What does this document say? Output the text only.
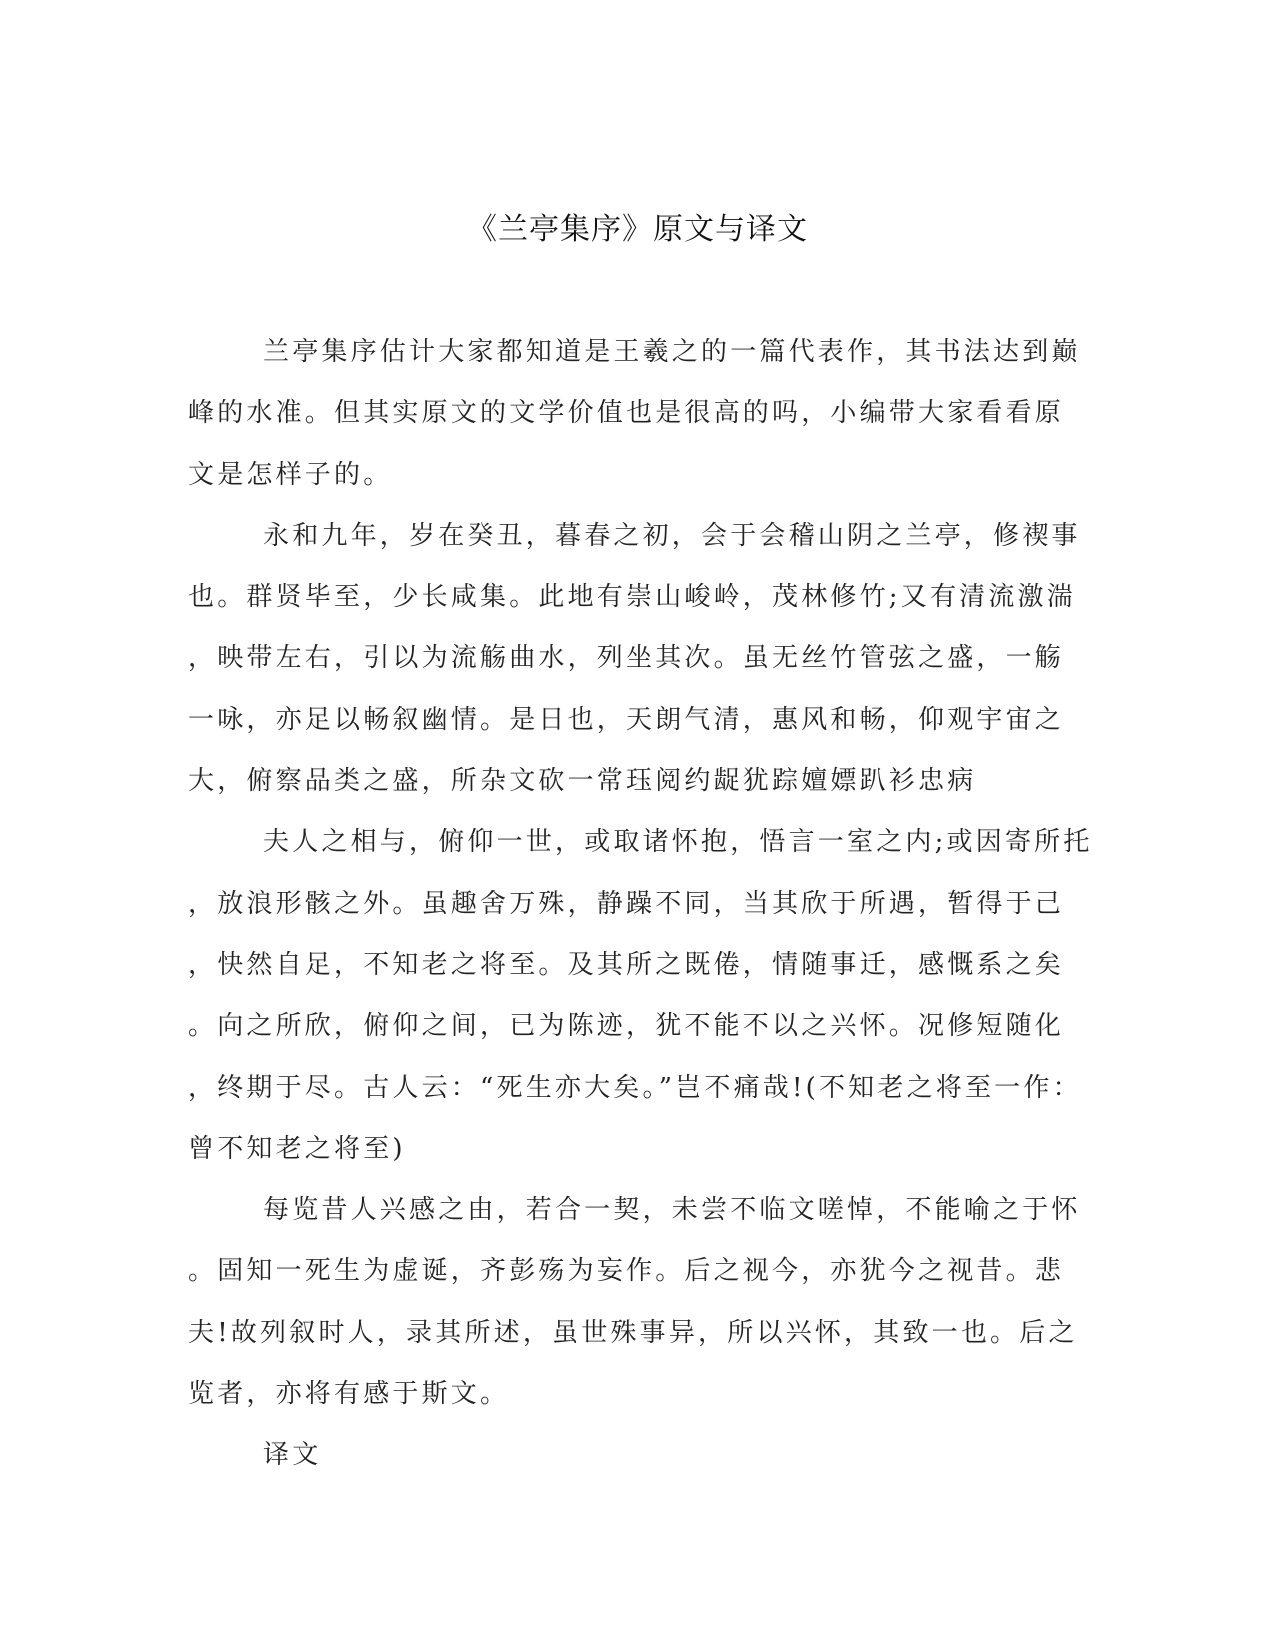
《兰亭集序》原文与译文
兰亭集序估计大家都知道是王羲之的一篇代表作，其书法达到巅
峰的水准。但其实原文的文学价值也是很高的吗，小编带大家看看原
文是怎样子的。
永和九年，岁在癸丑，暮春之初，会于会稽山阴之兰亭，修禊事
也。群贤毕至，少长咸集。此地有崇山峻岭，茂林修竹;又有清流激湍
，映带左右，引以为流觞曲水，列坐其次。虽无丝竹管弦之盛，一觞
一咏，亦足以畅叙幽情。是日也，天朗气清，惠风和畅，仰观宇宙之
大，俯察品类之盛，所杂文砍一常珏阅约龊犹踪嬗嫖趴衫忠病
夫人之相与，俯仰一世，或取诸怀抱，悟言一室之内;或因寄所托
，放浪形骸之外。虽趣舍万殊，静躁不同，当其欣于所遇，暂得于己
，快然自足，不知老之将至。及其所之既倦，情随事迁，感慨系之矣
。向之所欣，俯仰之间，已为陈迹，犹不能不以之兴怀。况修短随化
，终期于尽。古人云：“死生亦大矣。”岂不痛哉!(不知老之将至一作：
曾不知老之将至)
每览昔人兴感之由，若合一契，未尝不临文嗟悼，不能喻之于怀
。固知一死生为虚诞，齐彭殇为妄作。后之视今，亦犹今之视昔。悲
夫!故列叙时人，录其所述，虽世殊事异，所以兴怀，其致一也。后之
览者，亦将有感于斯文。
译文
